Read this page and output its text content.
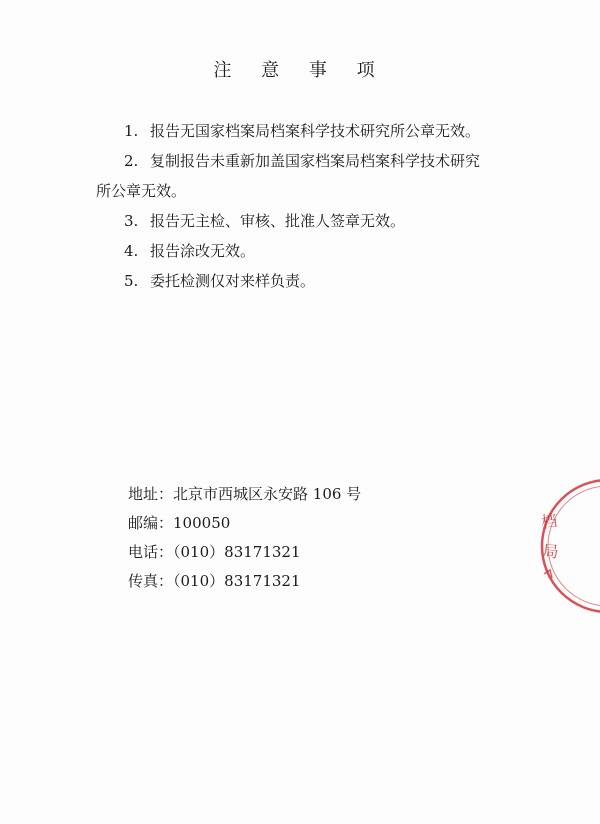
注 意 事 项

1. 报告无国家档案局档案科学技术研究所公章无效。

2. 复制报告未重新加盖国家档案局档案科学技术研究
所公章无效。

3. 报告无主检、审核、批准人签章无效。

4. 报告涂改无效。

5. 委托检测仅对来样负责。

地址：北京市西城区永安路 106 号
邮编：100050
电话：（010）83171321
传真：（010）83171321
档
局
